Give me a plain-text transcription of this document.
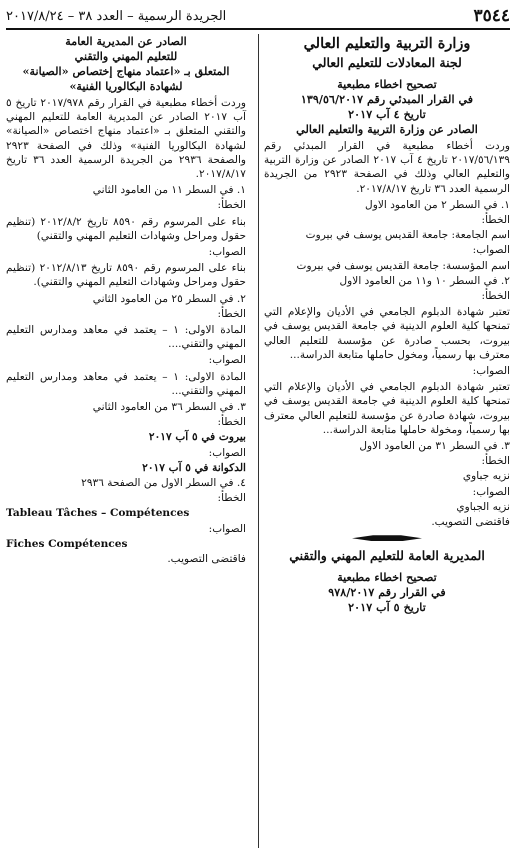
٣٥٤٤
الجريدة الرسمية – العدد ٣٨ – ٢٠١٧/٨/٢٤
وزارة التربية والتعليم العالي
لجنة المعادلات للتعليم العالي
تصحيح اخطاء مطبعية
في القرار المبدئي رقم ١٣٩/٥٦/٢٠١٧
تاريخ ٤ آب ٢٠١٧
الصادر عن وزارة التربية والتعليم العالي
وردت أخطاء مطبعية في القرار المبدئي رقم ٢٠١٧/٥٦/١٣٩ تاريخ ٤ آب ٢٠١٧ الصادر عن وزارة التربية والتعليم العالي وذلك في الصفحة ٢٩٢٣ من الجريدة الرسمية العدد ٣٦ تاريخ ٢٠١٧/٨/١٧.
١. في السطر ٢ من العامود الاول
الخطأ:
اسم الجامعة: جامعة القديس يوسف في بيروت
الصواب:
اسم المؤسسة: جامعة القديس يوسف في بيروت
٢. في السطر ١٠ و١١ من العامود الاول
الخطأ:
تعتبر شهادة الدبلوم الجامعي في الأديان والإعلام التي تمنحها كلية العلوم الدينية في جامعة القديس يوسف في بيروت، بحسب صادرة عن مؤسسة للتعليم العالي معترف بها رسمياً، ومخول حاملها متابعة الدراسة...
الصواب:
تعتبر شهادة الدبلوم الجامعي في الأديان والإعلام التي تمنحها كلية العلوم الدينية في جامعة القديس يوسف في بيروت، شهادة صادرة عن مؤسسة للتعليم العالي معترف بها رسمياً، ومخولة حاملها متابعة الدراسة...
٣. في السطر ٣١ من العامود الاول
الخطأ:
نزيه جباوي
الصواب:
نزيه الجباوي
فاقتضى التصويب.
المديرية العامة للتعليم المهني والتقني
تصحيح اخطاء مطبعية
في القرار رقم ٩٧٨/٢٠١٧
تاريخ ٥ آب ٢٠١٧
الصادر عن المديرية العامة
للتعليم المهني والتقني
المتعلق بـ «اعتماد منهاج إختصاص «الصيانة»
لشهادة البكالوريا الفنية»
وردت أخطاء مطبعية في القرار رقم ٢٠١٧/٩٧٨ تاريخ ٥ آب ٢٠١٧ الصادر عن المديرية العامة للتعليم المهني والتقني المتعلق بـ «اعتماد منهاج اختصاص «الصيانة» لشهادة البكالوريا الفنية» وذلك في الصفحة ٢٩٢٣ والصفحة ٢٩٣٦ من الجريدة الرسمية العدد ٣٦ تاريخ ٢٠١٧/٨/١٧.
١. في السطر ١١ من العامود الثاني
الخطأ:
بناء على المرسوم رقم ٨٥٩٠ تاريخ ٢٠١٢/٨/٢ (تنظيم حقول ومراحل وشهادات التعليم المهني والتقني)
الصواب:
بناء على المرسوم رقم ٨٥٩٠ تاريخ ٢٠١٢/٨/١٣ (تنظيم حقول ومراحل وشهادات التعليم المهني والتقني).
٢. في السطر ٢٥ من العامود الثاني
الخطأ:
المادة الاولى: ١ – يعتمد في معاهد ومدارس التعليم المهني والتقني....
الصواب:
المادة الاولى: ١ – يعتمد في معاهد ومدارس التعليم المهني والتقني...
٣. في السطر ٣٦ من العامود الثاني
الخطأ:
بيروت في ٥ آب ٢٠١٧
الصواب:
الدكوانة في ٥ آب ٢٠١٧
٤. في السطر الاول من الصفحة ٢٩٣٦
الخطأ:
Tableau Tâches – Compétences
الصواب:
Fiches Compétences
فاقتضى التصويب.
